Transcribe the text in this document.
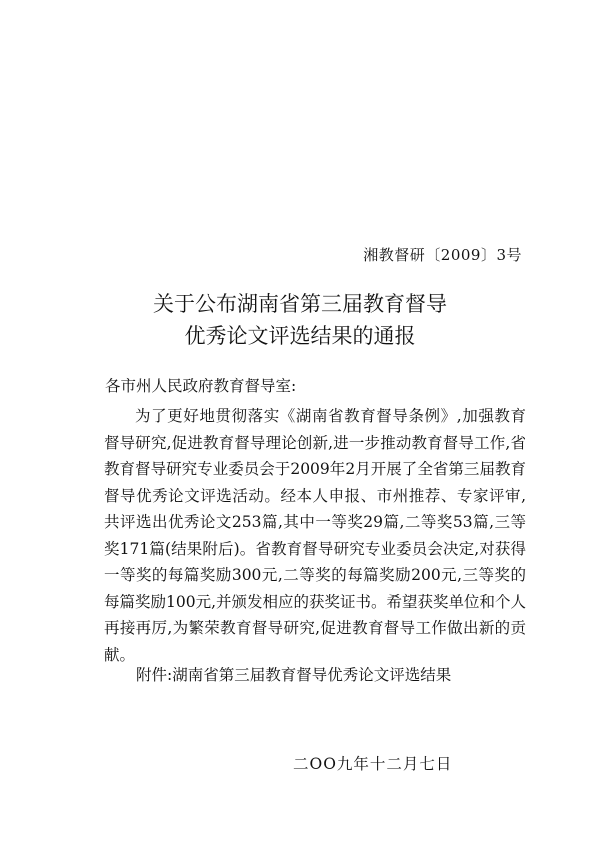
湘教督研〔2009〕3号
关于公布湖南省第三届教育督导
优秀论文评选结果的通报
各市州人民政府教育督导室:

为了更好地贯彻落实《湖南省教育督导条例》,加强教育督导研究,促进教育督导理论创新,进一步推动教育督导工作,省教育督导研究专业委员会于2009年2月开展了全省第三届教育督导优秀论文评选活动。经本人申报、市州推荐、专家评审,共评选出优秀论文253篇,其中一等奖29篇,二等奖53篇,三等奖171篇(结果附后)。省教育督导研究专业委员会决定,对获得一等奖的每篇奖励300元,二等奖的每篇奖励200元,三等奖的每篇奖励100元,并颁发相应的获奖证书。希望获奖单位和个人再接再厉,为繁荣教育督导研究,促进教育督导工作做出新的贡献。

附件:湖南省第三届教育督导优秀论文评选结果
二OO九年十二月七日
